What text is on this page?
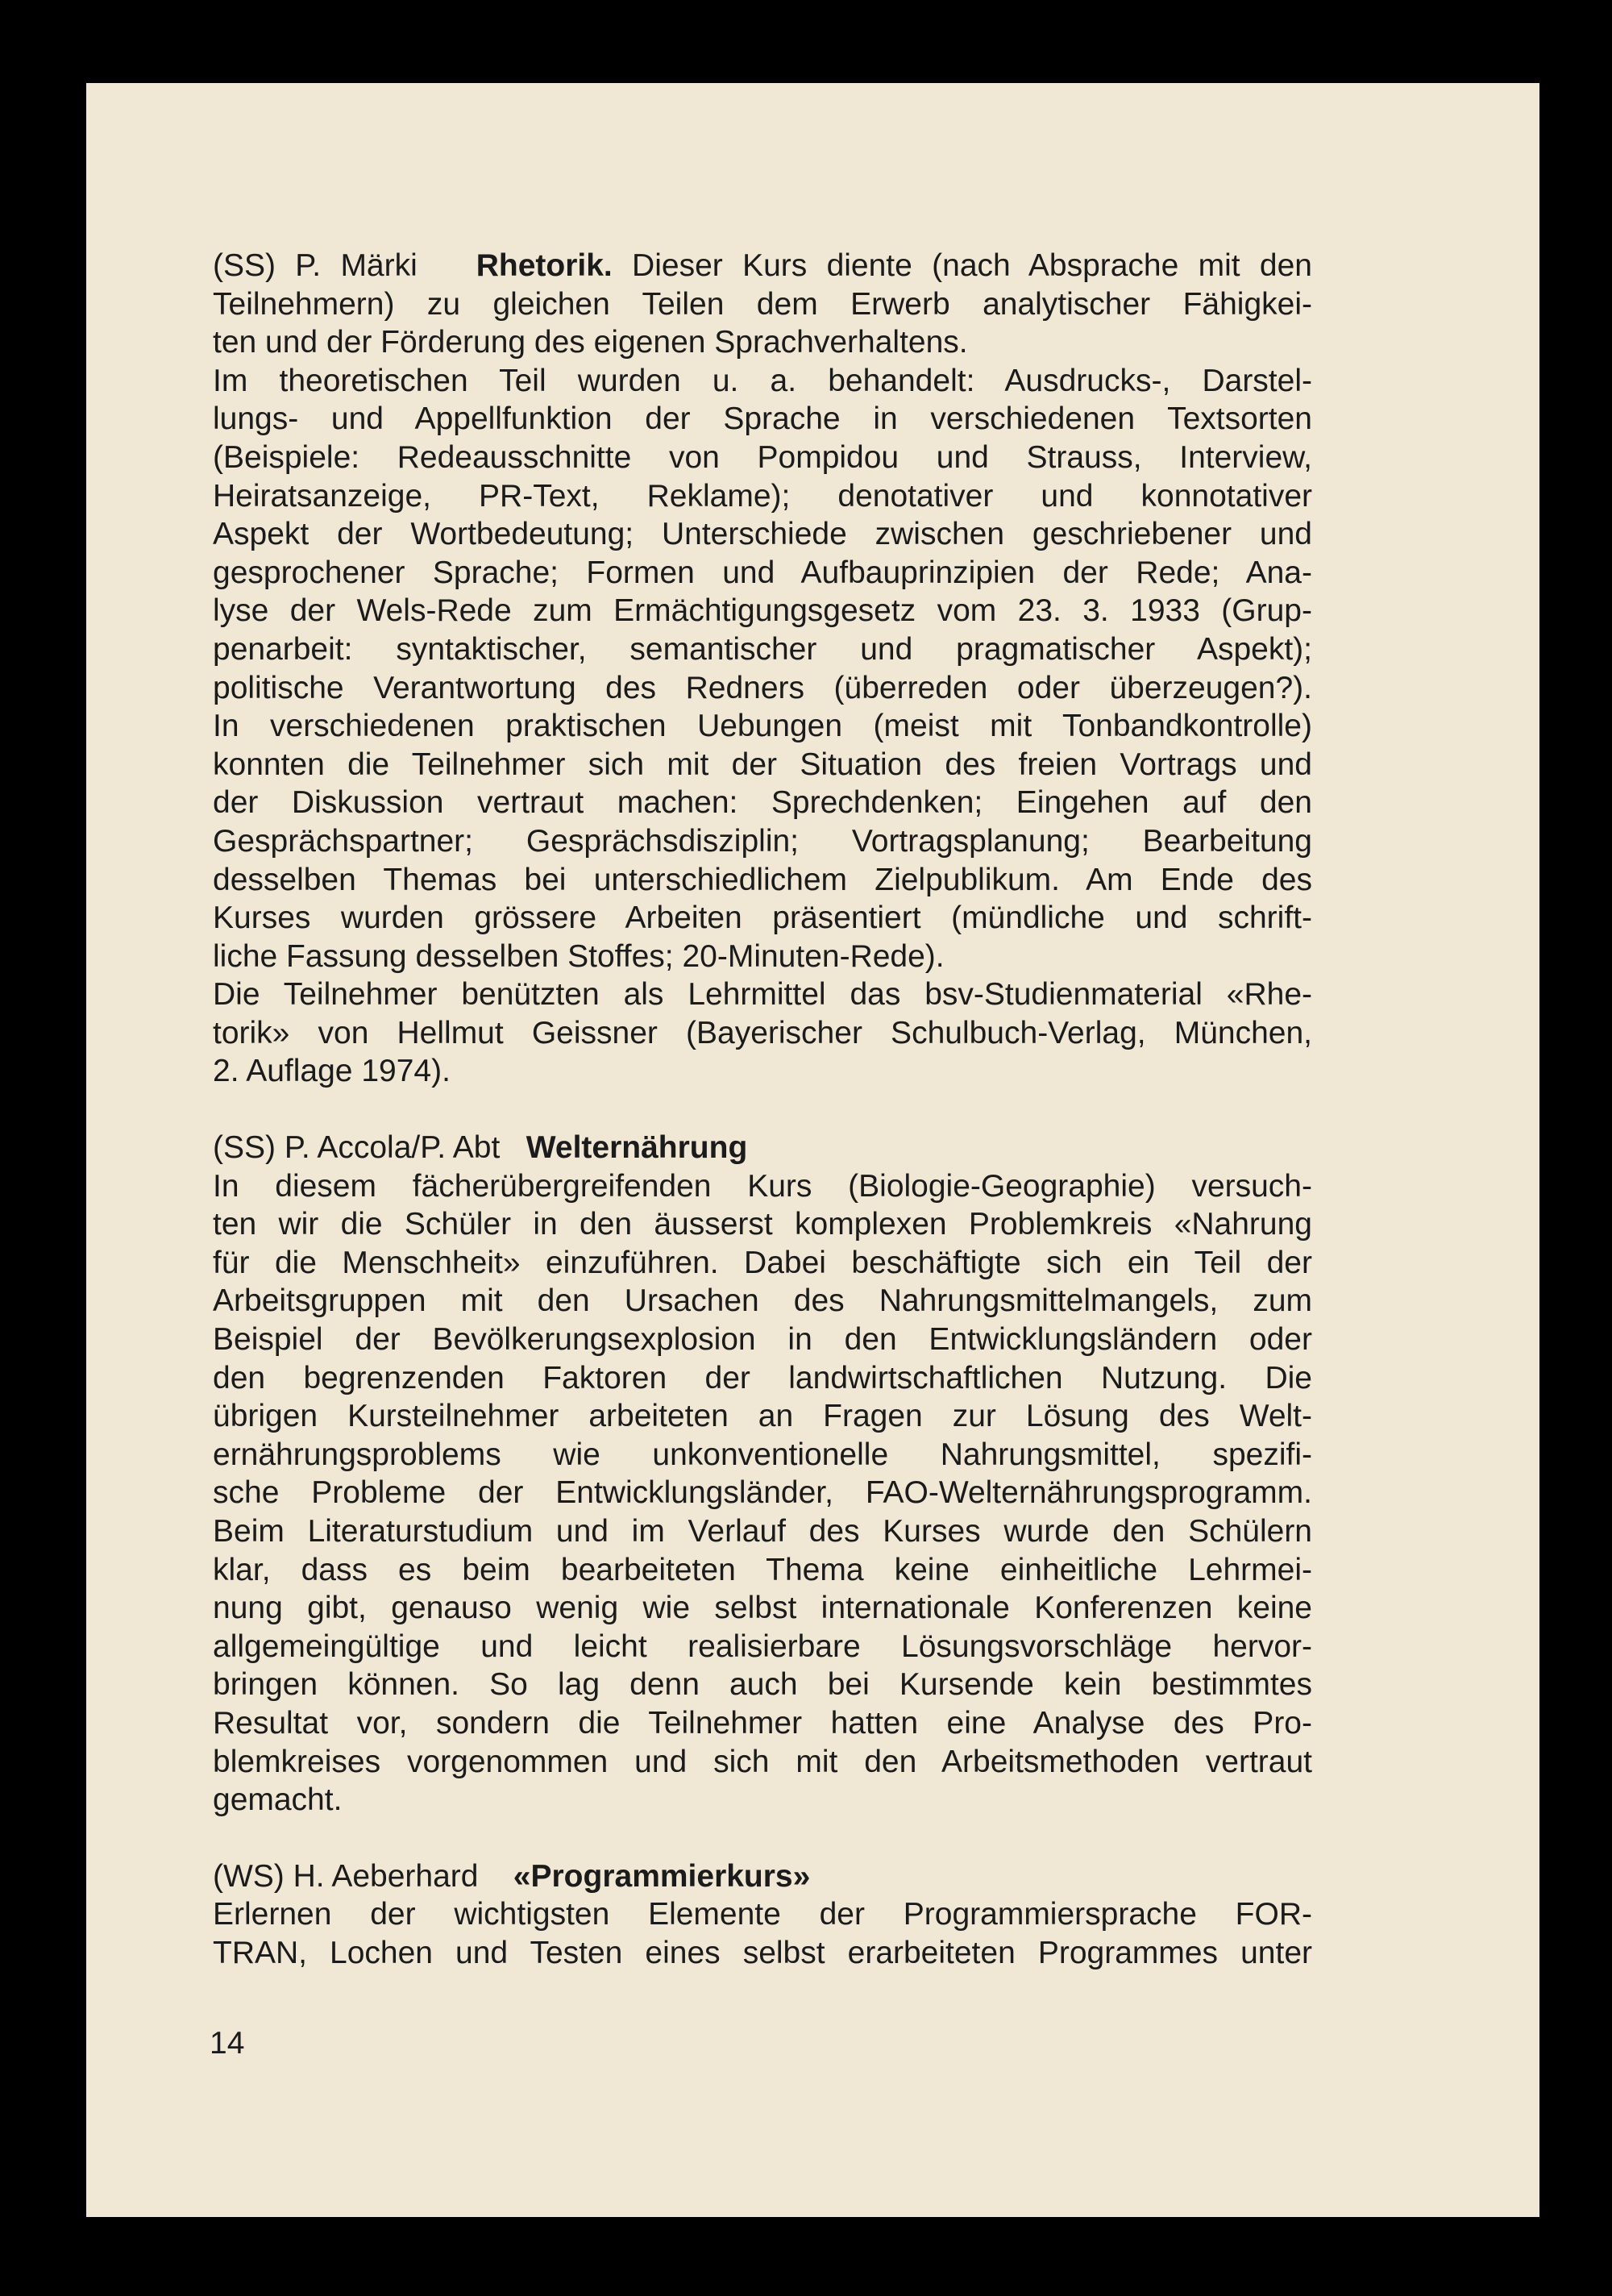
(SS) P. Märki Rhetorik. Dieser Kurs diente (nach Absprache mit den
Teilnehmern) zu gleichen Teilen dem Erwerb analytischer Fähigkei-
ten und der Förderung des eigenen Sprachverhaltens.
Im theoretischen Teil wurden u. a. behandelt: Ausdrucks-, Darstel-
lungs- und Appellfunktion der Sprache in verschiedenen Textsorten
(Beispiele: Redeausschnitte von Pompidou und Strauss, Interview,
Heiratsanzeige, PR-Text, Reklame); denotativer und konnotativer
Aspekt der Wortbedeutung; Unterschiede zwischen geschriebener und
gesprochener Sprache; Formen und Aufbauprinzipien der Rede; Ana-
lyse der Wels-Rede zum Ermächtigungsgesetz vom 23. 3. 1933 (Grup-
penarbeit: syntaktischer, semantischer und pragmatischer Aspekt);
politische Verantwortung des Redners (überreden oder überzeugen?).
In verschiedenen praktischen Uebungen (meist mit Tonbandkontrolle)
konnten die Teilnehmer sich mit der Situation des freien Vortrags und
der Diskussion vertraut machen: Sprechdenken; Eingehen auf den
Gesprächspartner; Gesprächsdisziplin; Vortragsplanung; Bearbeitung
desselben Themas bei unterschiedlichem Zielpublikum. Am Ende des
Kurses wurden grössere Arbeiten präsentiert (mündliche und schrift-
liche Fassung desselben Stoffes; 20-Minuten-Rede).
Die Teilnehmer benützten als Lehrmittel das bsv-Studienmaterial «Rhe-
torik» von Hellmut Geissner (Bayerischer Schulbuch-Verlag, München,
2. Auflage 1974).
(SS) P. Accola/P. Abt Welternährung
In diesem fächerübergreifenden Kurs (Biologie-Geographie) versuch-
ten wir die Schüler in den äusserst komplexen Problemkreis «Nahrung
für die Menschheit» einzuführen. Dabei beschäftigte sich ein Teil der
Arbeitsgruppen mit den Ursachen des Nahrungsmittelmangels, zum
Beispiel der Bevölkerungsexplosion in den Entwicklungsländern oder
den begrenzenden Faktoren der landwirtschaftlichen Nutzung. Die
übrigen Kursteilnehmer arbeiteten an Fragen zur Lösung des Welt-
ernährungsproblems wie unkonventionelle Nahrungsmittel, spezifi-
sche Probleme der Entwicklungsländer, FAO-Welternährungsprogramm.
Beim Literaturstudium und im Verlauf des Kurses wurde den Schülern
klar, dass es beim bearbeiteten Thema keine einheitliche Lehrmei-
nung gibt, genauso wenig wie selbst internationale Konferenzen keine
allgemeingültige und leicht realisierbare Lösungsvorschläge hervor-
bringen können. So lag denn auch bei Kursende kein bestimmtes
Resultat vor, sondern die Teilnehmer hatten eine Analyse des Pro-
blemkreises vorgenommen und sich mit den Arbeitsmethoden vertraut
gemacht.
(WS) H. Aeberhard «Programmierkurs»
Erlernen der wichtigsten Elemente der Programmiersprache FOR-
TRAN, Lochen und Testen eines selbst erarbeiteten Programmes unter
14
